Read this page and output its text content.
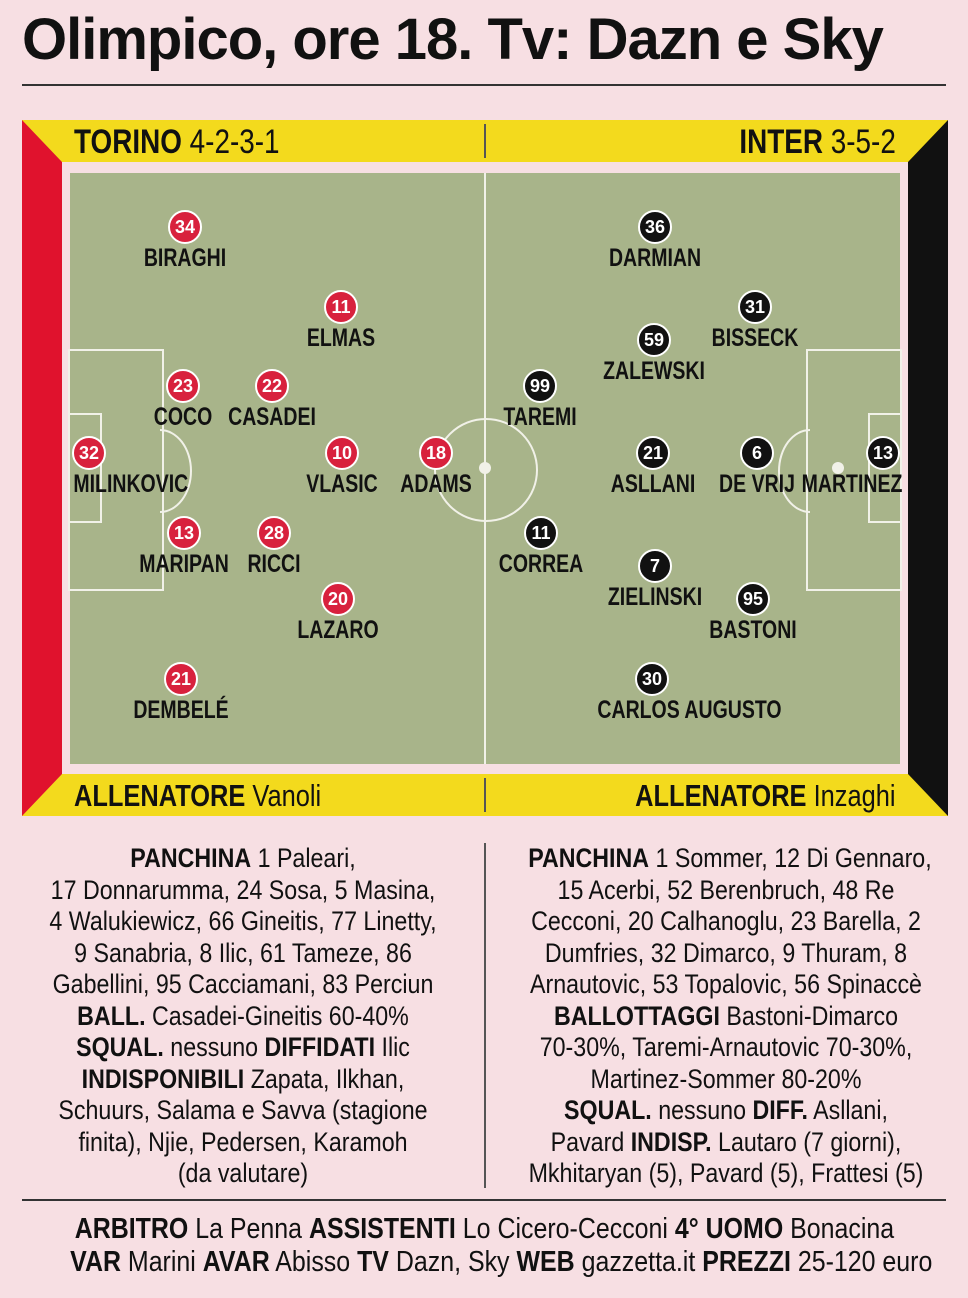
Olimpico, ore 18. Tv: Dazn e Sky
TORINO 4-2-3-1	INTER 3-5-2
ALLENATORE Vanoli	ALLENATORE Inzaghi
34
BIRAGHI
11
ELMAS
23
COCO
22
CASADEI
32
MILINKOVIC
10
VLASIC
18
ADAMS
13
MARIPAN
28
RICCI
20
LAZARO
21
DEMBELÉ
36
DARMIAN
31
BISSECK
59
ZALEWSKI
99
TAREMI
21
ASLLANI
6
DE VRIJ
13
MARTINEZ
11
CORREA	7
ZIELINSKI	95
BASTONI
30
CARLOS AUGUSTO
PANCHINA 1 Paleari,
17 Donnarumma, 24 Sosa, 5 Masina,
4 Walukiewicz, 66 Gineitis, 77 Linetty,
9 Sanabria, 8 Ilic, 61 Tameze, 86
Gabellini, 95 Cacciamani, 83 Perciun
BALL. Casadei-Gineitis 60-40%
SQUAL. nessuno DIFFIDATI Ilic
INDISPONIBILI Zapata, Ilkhan,
Schuurs, Salama e Savva (stagione
finita), Njie, Pedersen, Karamoh
(da valutare)
PANCHINA 1 Sommer, 12 Di Gennaro,
15 Acerbi, 52 Berenbruch, 48 Re
Cecconi, 20 Calhanoglu, 23 Barella, 2
Dumfries, 32 Dimarco, 9 Thuram, 8
Arnautovic, 53 Topalovic, 56 Spinaccè
BALLOTTAGGI Bastoni-Dimarco
70-30%, Taremi-Arnautovic 70-30%,
Martinez-Sommer 80-20%
SQUAL. nessuno DIFF. Asllani,
Pavard INDISP. Lautaro (7 giorni),
Mkhitaryan (5), Pavard (5), Frattesi (5)
ARBITRO La Penna ASSISTENTI Lo Cicero-Cecconi 4° UOMO Bonacina
VAR Marini AVAR Abisso TV Dazn, Sky WEB gazzetta.it PREZZI 25-120 euro
